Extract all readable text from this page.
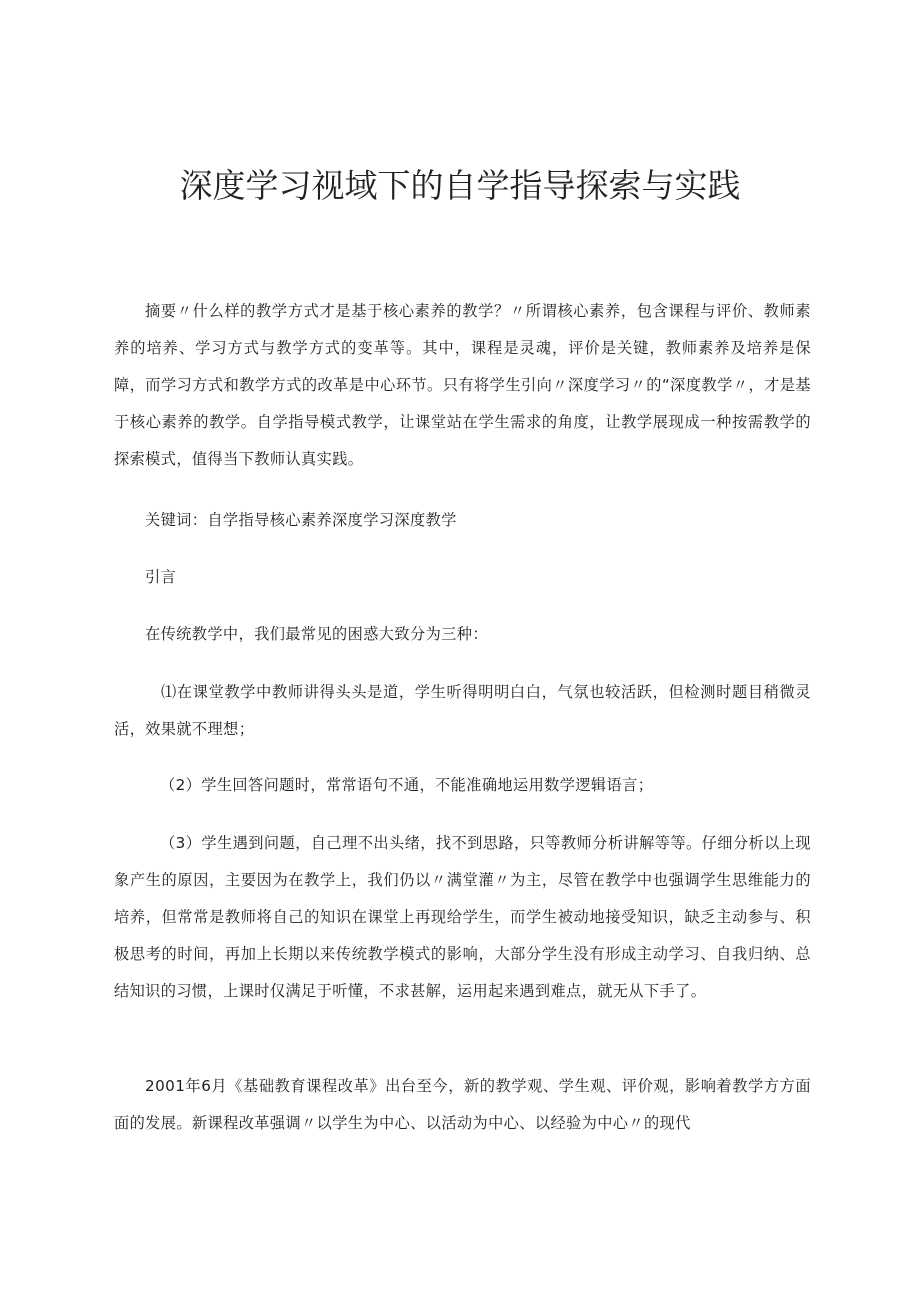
深度学习视域下的自学指导探索与实践

摘要〃什么样的教学方式才是基于核心素养的教学？〃所谓核心素养，包含课程与评价、教师素养的培养、学习方式与教学方式的变革等。其中，课程是灵魂，评价是关键，教师素养及培养是保障，而学习方式和教学方式的改革是中心环节。只有将学生引向〃深度学习〃的“深度教学〃，才是基于核心素养的教学。自学指导模式教学，让课堂站在学生需求的角度，让教学展现成一种按需教学的探索模式，值得当下教师认真实践。

关键词：自学指导核心素养深度学习深度教学

引言

在传统教学中，我们最常见的困惑大致分为三种：

⑴在课堂教学中教师讲得头头是道，学生听得明明白白，气氛也较活跃，但检测时题目稍微灵活，效果就不理想；

（2）学生回答问题时，常常语句不通，不能准确地运用数学逻辑语言；

（3）学生遇到问题，自己理不出头绪，找不到思路，只等教师分析讲解等等。仔细分析以上现象产生的原因，主要因为在教学上，我们仍以〃满堂灌〃为主，尽管在教学中也强调学生思维能力的培养，但常常是教师将自己的知识在课堂上再现给学生，而学生被动地接受知识，缺乏主动参与、积极思考的时间，再加上长期以来传统教学模式的影响，大部分学生没有形成主动学习、自我归纳、总结知识的习惯，上课时仅满足于听懂，不求甚解，运用起来遇到难点，就无从下手了。

2001年6月《基础教育课程改革》出台至今，新的教学观、学生观、评价观，影响着教学方方面面的发展。新课程改革强调〃以学生为中心、以活动为中心、以经验为中心〃的现代
